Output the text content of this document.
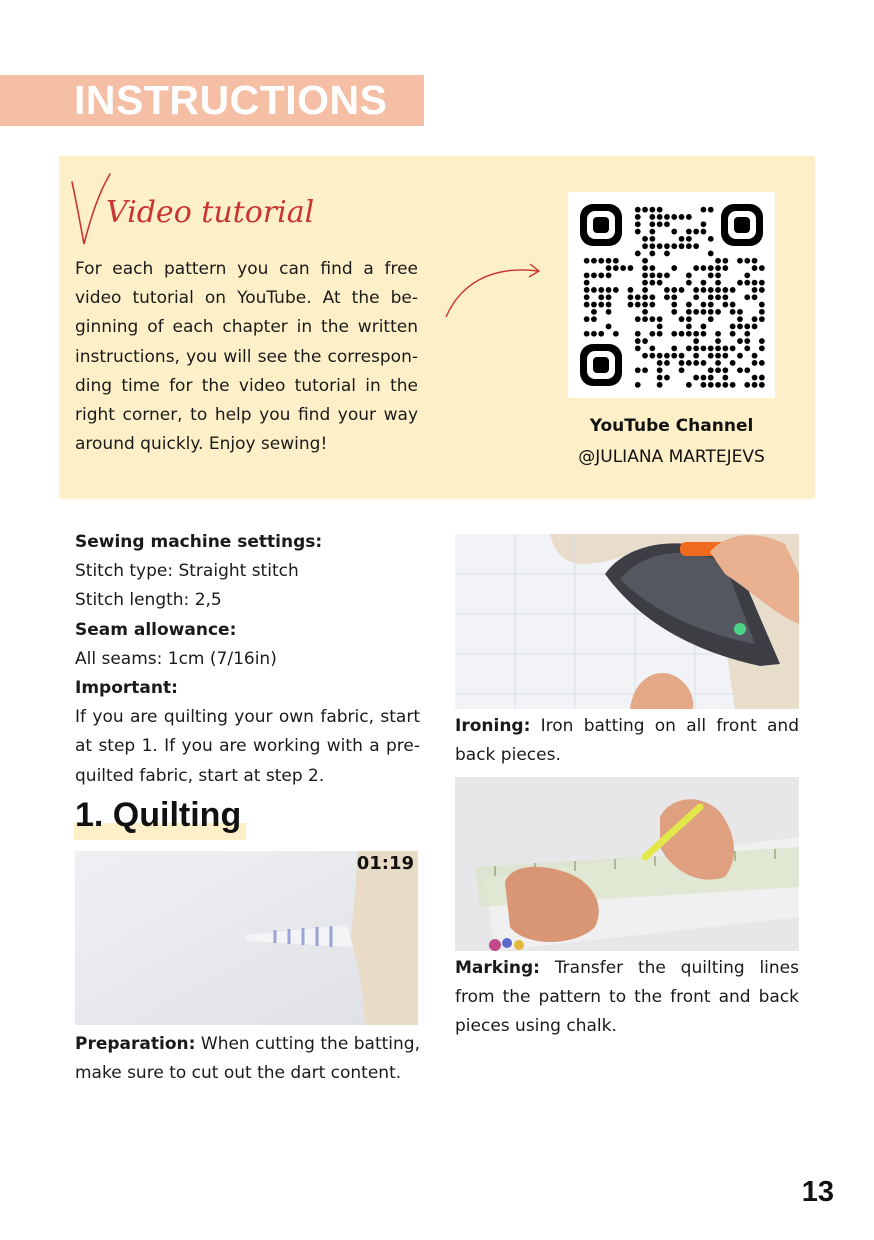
INSTRUCTIONS
Video tutorial

For each pattern you can find a free video tutorial on YouTube. At the be-ginning of each chapter in the written instructions, you will see the correspon-ding time for the video tutorial in the right corner, to help you find your way around quickly. Enjoy sewing!

YouTube Channel
@JULIANA MARTEJEVS

Sewing machine settings:

Stitch type: Straight stitch

Stitch length: 2,5

Seam allowance:

All seams: 1cm (7/16in)

Important:

If you are quilting your own fabric, start at step 1. If you are working with a pre-quilted fabric, start at step 2.

1. Quilting
01:19

Preparation: When cutting the batting, make sure to cut out the dart content.

Ironing: Iron batting on all front and back pieces.

Marking: Transfer the quilting lines from the pattern to the front and back pieces using chalk.

13
